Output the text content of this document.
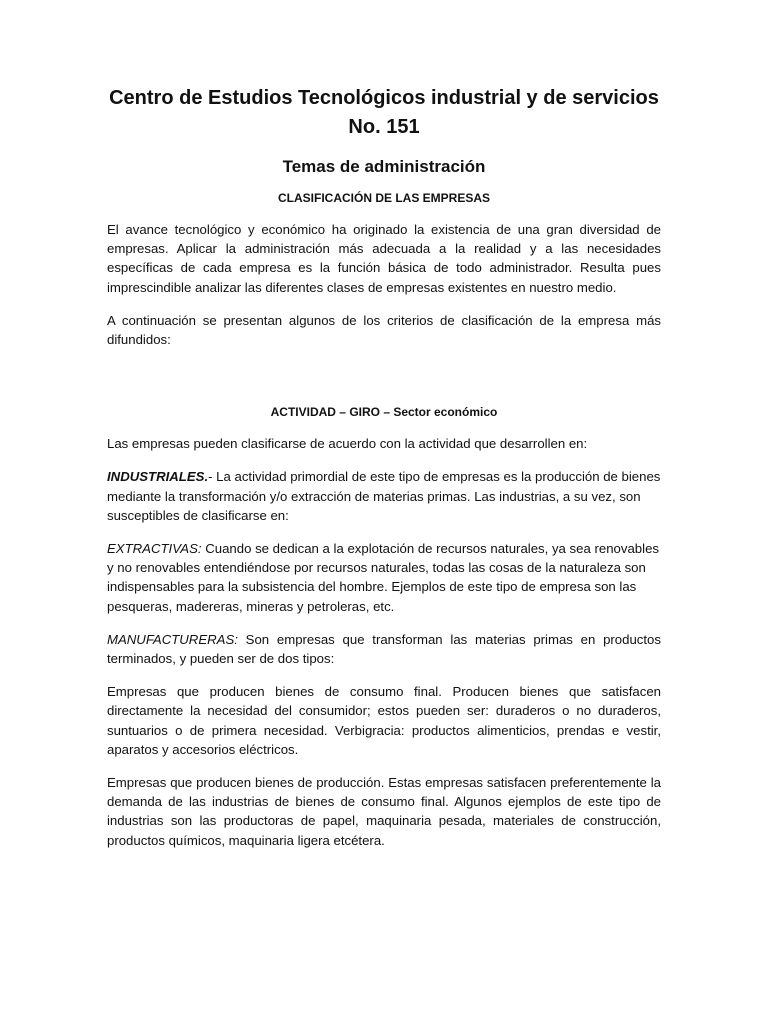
Centro de Estudios Tecnológicos industrial y de servicios
No. 151
Temas de administración
CLASIFICACIÓN DE LAS EMPRESAS

El avance tecnológico y económico ha originado la existencia de una gran diversidad de empresas. Aplicar la administración más adecuada a la realidad y a las necesidades específicas de cada empresa es la función básica de todo administrador. Resulta pues imprescindible analizar las diferentes clases de empresas existentes en nuestro medio.

A continuación se presentan algunos de los criterios de clasificación de la empresa más difundidos:

ACTIVIDAD – GIRO – Sector económico

Las empresas pueden clasificarse de acuerdo con la actividad que desarrollen en:

INDUSTRIALES.- La actividad primordial de este tipo de empresas es la producción de bienes mediante la transformación y/o extracción de materias primas. Las industrias, a su vez, son susceptibles de clasificarse en:

EXTRACTIVAS: Cuando se dedican a la explotación de recursos naturales, ya sea renovables y no renovables entendiéndose por recursos naturales, todas las cosas de la naturaleza son indispensables para la subsistencia del hombre. Ejemplos de este tipo de empresa son las pesqueras, madereras, mineras y petroleras, etc.

MANUFACTURERAS: Son empresas que transforman las materias primas en productos terminados, y pueden ser de dos tipos:

Empresas que producen bienes de consumo final. Producen bienes que satisfacen directamente la necesidad del consumidor; estos pueden ser: duraderos o no duraderos, suntuarios o de primera necesidad. Verbigracia: productos alimenticios, prendas e vestir, aparatos y accesorios eléctricos.

Empresas que producen bienes de producción. Estas empresas satisfacen preferentemente la demanda de las industrias de bienes de consumo final. Algunos ejemplos de este tipo de industrias son las productoras de papel, maquinaria pesada, materiales de construcción, productos químicos, maquinaria ligera etcétera.
